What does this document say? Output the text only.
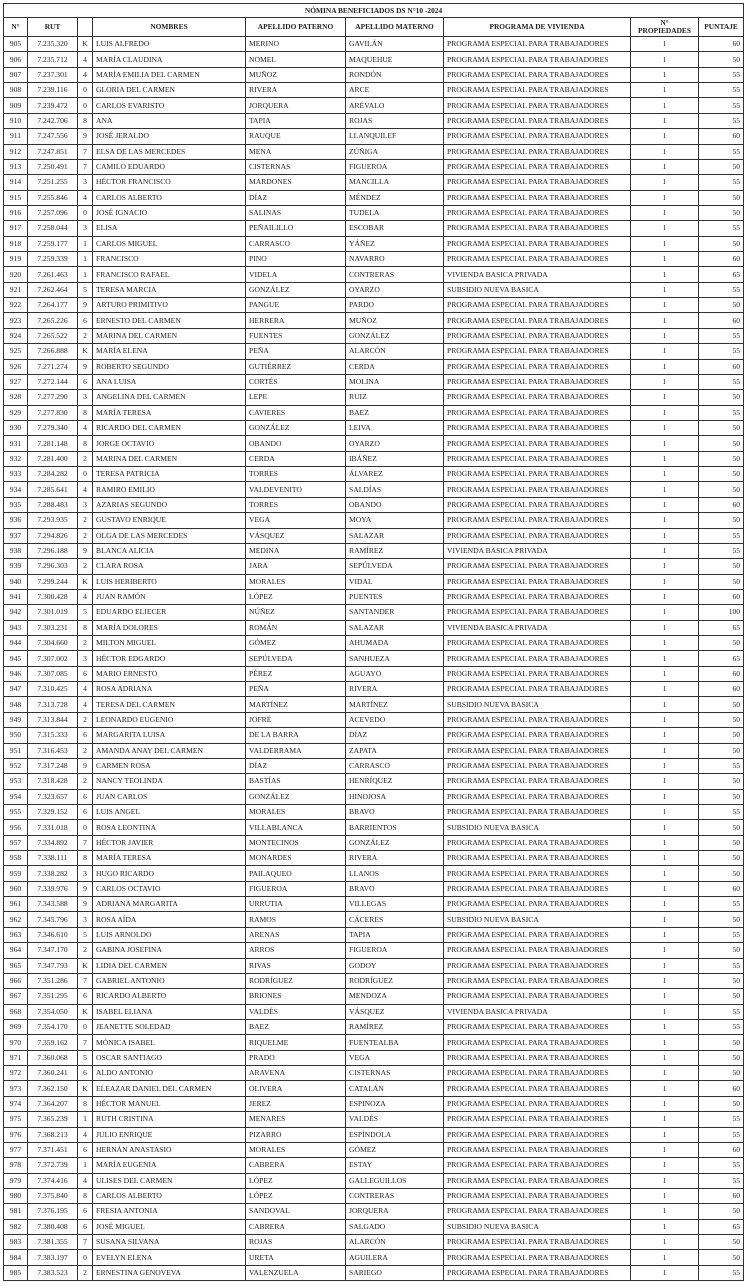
NÓMINA BENEFICIADOS DS N°10 -2024								
N°	RUT		NOMBRES	APELLIDO PATERNO	APELLIDO MATERNO	PROGRAMA DE VIVIENDA	N° PROPIEDADES	PUNTAJE
905	7.235.320	K	LUIS ALFREDO	MERINO	GAVILÁN	PROGRAMA ESPECIAL PARA TRABAJADORES	1	60
906	7.235.712	4	MARÍA CLAUDINA	NOMEL	MAQUEHUE	PROGRAMA ESPECIAL PARA TRABAJADORES	1	50
907	7.237.301	4	MARÍA EMILIA DEL CARMEN	MUÑOZ	RONDÓN	PROGRAMA ESPECIAL PARA TRABAJADORES	1	55
908	7.239.116	0	GLORIA DEL CARMEN	RIVERA	ARCE	PROGRAMA ESPECIAL PARA TRABAJADORES	1	55
909	7.239.472	0	CARLOS EVARISTO	JORQUERA	ARÉVALO	PROGRAMA ESPECIAL PARA TRABAJADORES	1	55
910	7.242.706	8	ANA	TAPIA	ROJAS	PROGRAMA ESPECIAL PARA TRABAJADORES	1	55
911	7.247.556	9	JOSÉ JERALDO	RAUQUE	LLANQUILEF	PROGRAMA ESPECIAL PARA TRABAJADORES	1	60
912	7.247.851	7	ELSA DE LAS MERCEDES	MENA	ZÚÑIGA	PROGRAMA ESPECIAL PARA TRABAJADORES	1	55
913	7.250.491	7	CAMILO EDUARDO	CISTERNAS	FIGUEROA	PROGRAMA ESPECIAL PARA TRABAJADORES	1	50
914	7.251.255	3	HÉCTOR FRANCISCO	MARDONES	MANCILLA	PROGRAMA ESPECIAL PARA TRABAJADORES	1	55
915	7.255.846	4	CARLOS ALBERTO	DÍAZ	MÉNDEZ	PROGRAMA ESPECIAL PARA TRABAJADORES	1	50
916	7.257.096	0	JOSÉ IGNACIO	SALINAS	TUDELA	PROGRAMA ESPECIAL PARA TRABAJADORES	1	50
917	7.258.044	3	ELISA	PEÑAILILLO	ESCOBAR	PROGRAMA ESPECIAL PARA TRABAJADORES	1	55
918	7.259.177	1	CARLOS MIGUEL	CARRASCO	YÁÑEZ	PROGRAMA ESPECIAL PARA TRABAJADORES	1	50
919	7.259.339	1	FRANCISCO	PINO	NAVARRO	PROGRAMA ESPECIAL PARA TRABAJADORES	1	60
920	7.261.463	1	FRANCISCO RAFAEL	VIDELA	CONTRERAS	VIVIENDA BASICA PRIVADA	1	65
921	7.262.464	5	TERESA MARCIA	GONZÁLEZ	OYARZO	SUBSIDIO NUEVA BASICA	1	55
922	7.264.177	9	ARTURO PRIMITIVO	PANGUE	PARDO	PROGRAMA ESPECIAL PARA TRABAJADORES	1	50
923	7.265.226	6	ERNESTO DEL CARMEN	HERRERA	MUÑOZ	PROGRAMA ESPECIAL PARA TRABAJADORES	1	60
924	7.265.522	2	MARINA DEL CARMEN	FUENTES	GONZÁLEZ	PROGRAMA ESPECIAL PARA TRABAJADORES	1	55
925	7.266.888	K	MARÍA ELENA	PEÑA	ALARCÓN	PROGRAMA ESPECIAL PARA TRABAJADORES	1	55
926	7.271.274	9	ROBERTO SEGUNDO	GUTIÉRREZ	CERDA	PROGRAMA ESPECIAL PARA TRABAJADORES	1	60
927	7.272.144	6	ANA LUISA	CORTÉS	MOLINA	PROGRAMA ESPECIAL PARA TRABAJADORES	1	55
928	7.277.290	3	ANGELINA DEL CARMEN	LEPE	RUIZ	PROGRAMA ESPECIAL PARA TRABAJADORES	1	50
929	7.277.830	8	MARÍA TERESA	CAVIERES	BAEZ	PROGRAMA ESPECIAL PARA TRABAJADORES	1	55
930	7.279.340	4	RICARDO DEL CARMEN	GONZÁLEZ	LEIVA	PROGRAMA ESPECIAL PARA TRABAJADORES	1	50
931	7.281.148	8	JORGE OCTAVIO	OBANDO	OYARZO	PROGRAMA ESPECIAL PARA TRABAJADORES	1	50
932	7.281.400	2	MARINA DEL CARMEN	CERDA	IBÁÑEZ	PROGRAMA ESPECIAL PARA TRABAJADORES	1	50
933	7.284.282	0	TERESA PATRICIA	TORRES	ÁLVAREZ	PROGRAMA ESPECIAL PARA TRABAJADORES	1	50
934	7.285.641	4	RAMIRO EMILIO	VALDEVENITO	SALDÍAS	PROGRAMA ESPECIAL PARA TRABAJADORES	1	50
935	7.288.483	3	AZARIAS SEGUNDO	TORRES	OBANDO	PROGRAMA ESPECIAL PARA TRABAJADORES	1	60
936	7.293.935	2	GUSTAVO ENRIQUE	VEGA	MOYA	PROGRAMA ESPECIAL PARA TRABAJADORES	1	50
937	7.294.826	2	OLGA DE LAS MERCEDES	VÁSQUEZ	SALAZAR	PROGRAMA ESPECIAL PARA TRABAJADORES	1	55
938	7.296.188	9	BLANCA ALICIA	MEDINA	RAMÍREZ	VIVIENDA BASICA PRIVADA	1	55
939	7.296.303	2	CLARA ROSA	JARA	SEPÚLVEDA	PROGRAMA ESPECIAL PARA TRABAJADORES	1	50
940	7.299.244	K	LUIS HERIBERTO	MORALES	VIDAL	PROGRAMA ESPECIAL PARA TRABAJADORES	1	50
941	7.300.428	4	JUAN RAMÓN	LÓPEZ	PUENTES	PROGRAMA ESPECIAL PARA TRABAJADORES	1	60
942	7.301.019	5	EDUARDO ELIECER	NÚÑEZ	SANTANDER	PROGRAMA ESPECIAL PARA TRABAJADORES	1	100
943	7.303.231	8	MARÍA DOLORES	ROMÁN	SALAZAR	VIVIENDA BASICA PRIVADA	1	65
944	7.304.660	2	MILTON MIGUEL	GÓMEZ	AHUMADA	PROGRAMA ESPECIAL PARA TRABAJADORES	1	50
945	7.307.002	3	HÉCTOR EDGARDO	SEPÚLVEDA	SANHUEZA	PROGRAMA ESPECIAL PARA TRABAJADORES	1	65
946	7.307.085	6	MARIO ERNESTO	PÉREZ	AGUAYO	PROGRAMA ESPECIAL PARA TRABAJADORES	1	60
947	7.310.425	4	ROSA ADRIANA	PEÑA	RIVERA	PROGRAMA ESPECIAL PARA TRABAJADORES	1	60
948	7.313.728	4	TERESA DEL CARMEN	MARTÍNEZ	MARTÍNEZ	SUBSIDIO NUEVA BASICA	1	50
949	7.313.844	2	LEONARDO EUGENIO	JOFRÉ	ACEVEDO	PROGRAMA ESPECIAL PARA TRABAJADORES	1	50
950	7.315.333	6	MARGARITA LUISA	DE LA BARRA	DÍAZ	PROGRAMA ESPECIAL PARA TRABAJADORES	1	50
951	7.316.453	2	AMANDA ANAY DEL CARMEN	VALDERRAMA	ZAPATA	PROGRAMA ESPECIAL PARA TRABAJADORES	1	50
952	7.317.248	9	CARMEN ROSA	DÍAZ	CARRASCO	PROGRAMA ESPECIAL PARA TRABAJADORES	1	55
953	7.318.428	2	NANCY TEOLINDA	BASTÍAS	HENRÍQUEZ	PROGRAMA ESPECIAL PARA TRABAJADORES	1	50
954	7.323.657	6	JUAN CARLOS	GONZÁLEZ	HINOJOSA	PROGRAMA ESPECIAL PARA TRABAJADORES	1	50
955	7.329.152	6	LUIS ANGEL	MORALES	BRAVO	PROGRAMA ESPECIAL PARA TRABAJADORES	1	55
956	7.331.018	0	ROSA LEONTINA	VILLABLANCA	BARRIENTOS	SUBSIDIO NUEVA BASICA	1	50
957	7.334.892	7	HÉCTOR JAVIER	MONTECINOS	GONZÁLEZ	PROGRAMA ESPECIAL PARA TRABAJADORES	1	50
958	7.338.111	8	MARÍA TERESA	MONARDES	RIVERA	PROGRAMA ESPECIAL PARA TRABAJADORES	1	50
959	7.338.282	3	HUGO RICARDO	PAILAQUEO	LLANOS	PROGRAMA ESPECIAL PARA TRABAJADORES	1	50
960	7.339.976	9	CARLOS OCTAVIO	FIGUEROA	BRAVO	PROGRAMA ESPECIAL PARA TRABAJADORES	1	60
961	7.343.588	9	ADRIANA MARGARITA	URRUTIA	VILLEGAS	PROGRAMA ESPECIAL PARA TRABAJADORES	1	55
962	7.345.796	3	ROSA AÍDA	RAMOS	CÁCERES	SUBSIDIO NUEVA BASICA	1	50
963	7.346.610	5	LUIS ARNOLDO	ARENAS	TAPIA	PROGRAMA ESPECIAL PARA TRABAJADORES	1	55
964	7.347.170	2	GABINA JOSEFINA	ARROS	FIGUEROA	PROGRAMA ESPECIAL PARA TRABAJADORES	1	50
965	7.347.793	K	LIDIA DEL CARMEN	RIVAS	GODOY	PROGRAMA ESPECIAL PARA TRABAJADORES	1	55
966	7.351.286	7	GABRIEL ANTONIO	RODRÍGUEZ	RODRÍGUEZ	PROGRAMA ESPECIAL PARA TRABAJADORES	1	50
967	7.351.295	6	RICARDO ALBERTO	BRIONES	MENDOZA	PROGRAMA ESPECIAL PARA TRABAJADORES	1	50
968	7.354.050	K	ISABEL ELIANA	VALDÉS	VÁSQUEZ	VIVIENDA BASICA PRIVADA	1	55
969	7.354.170	0	JEANETTE SOLEDAD	BAEZ	RAMÍREZ	PROGRAMA ESPECIAL PARA TRABAJADORES	1	55
970	7.359.162	7	MÓNICA ISABEL	RIQUELME	FUENTEALBA	PROGRAMA ESPECIAL PARA TRABAJADORES	1	50
971	7.360.068	5	OSCAR SANTIAGO	PRADO	VEGA	PROGRAMA ESPECIAL PARA TRABAJADORES	1	50
972	7.360.241	6	ALDO ANTONIO	ARAVENA	CISTERNAS	PROGRAMA ESPECIAL PARA TRABAJADORES	1	50
973	7.362.150	K	ELEAZAR DANIEL DEL CARMEN	OLIVERA	CATALÁN	PROGRAMA ESPECIAL PARA TRABAJADORES	1	60
974	7.364.207	8	HÉCTOR MANUEL	JEREZ	ESPINOZA	PROGRAMA ESPECIAL PARA TRABAJADORES	1	50
975	7.365.239	1	RUTH CRISTINA	MENARES	VALDÉS	PROGRAMA ESPECIAL PARA TRABAJADORES	1	55
976	7.368.213	4	JULIO ENRIQUE	PIZARRO	ESPÍNDOLA	PROGRAMA ESPECIAL PARA TRABAJADORES	1	55
977	7.371.451	6	HERNÁN ANASTASIO	MORALES	GÓMEZ	PROGRAMA ESPECIAL PARA TRABAJADORES	1	60
978	7.372.739	1	MARÍA EUGENIA	CABRERA	ESTAY	PROGRAMA ESPECIAL PARA TRABAJADORES	1	55
979	7.374.416	4	ULISES DEL CARMEN	LÓPEZ	GALLEGUILLOS	PROGRAMA ESPECIAL PARA TRABAJADORES	1	55
980	7.375.840	8	CARLOS ALBERTO	LÓPEZ	CONTRERAS	PROGRAMA ESPECIAL PARA TRABAJADORES	1	60
981	7.376.195	6	FRESIA ANTONIA	SANDOVAL	JORQUERA	PROGRAMA ESPECIAL PARA TRABAJADORES	1	50
982	7.380.408	6	JOSÉ MIGUEL	CABRERA	SALGADO	SUBSIDIO NUEVA BASICA	1	65
983	7.381.355	7	SUSANA SILVANA	ROJAS	ALARCÓN	PROGRAMA ESPECIAL PARA TRABAJADORES	1	50
984	7.383.197	0	EVELYN ELENA	URETA	AGUILERA	PROGRAMA ESPECIAL PARA TRABAJADORES	1	50
985	7.383.523	2	ERNESTINA GENOVEVA	VALENZUELA	SARIEGO	PROGRAMA ESPECIAL PARA TRABAJADORES	1	55
